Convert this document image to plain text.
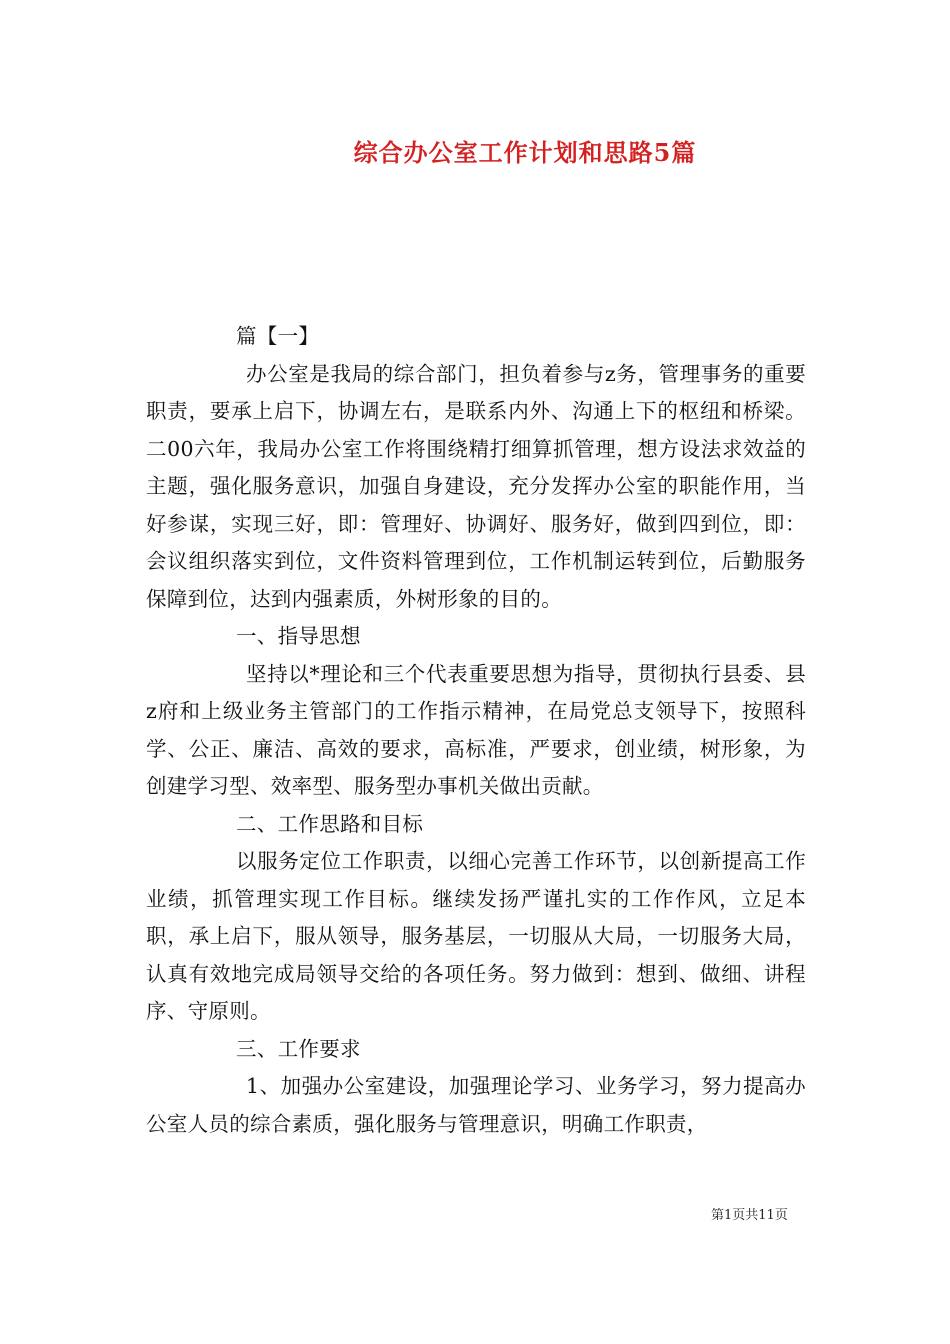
综合办公室工作计划和思路5篇

篇【一】

办公室是我局的综合部门，担负着参与z务，管理事务的重要职责，要承上启下，协调左右，是联系内外、沟通上下的枢纽和桥梁。二00六年，我局办公室工作将围绕精打细算抓管理，想方设法求效益的主题，强化服务意识，加强自身建设，充分发挥办公室的职能作用，当好参谋，实现三好，即：管理好、协调好、服务好，做到四到位，即：会议组织落实到位，文件资料管理到位，工作机制运转到位，后勤服务保障到位，达到内强素质，外树形象的目的。

一、指导思想

坚持以*理论和三个代表重要思想为指导，贯彻执行县委、县z府和上级业务主管部门的工作指示精神，在局党总支领导下，按照科学、公正、廉洁、高效的要求，高标准，严要求，创业绩，树形象，为创建学习型、效率型、服务型办事机关做出贡献。

二、工作思路和目标

以服务定位工作职责，以细心完善工作环节，以创新提高工作业绩，抓管理实现工作目标。继续发扬严谨扎实的工作作风，立足本职，承上启下，服从领导，服务基层，一切服从大局，一切服务大局，认真有效地完成局领导交给的各项任务。努力做到：想到、做细、讲程序、守原则。

三、工作要求

1、加强办公室建设，加强理论学习、业务学习，努力提高办公室人员的综合素质，强化服务与管理意识，明确工作职责，

第1页共11页
